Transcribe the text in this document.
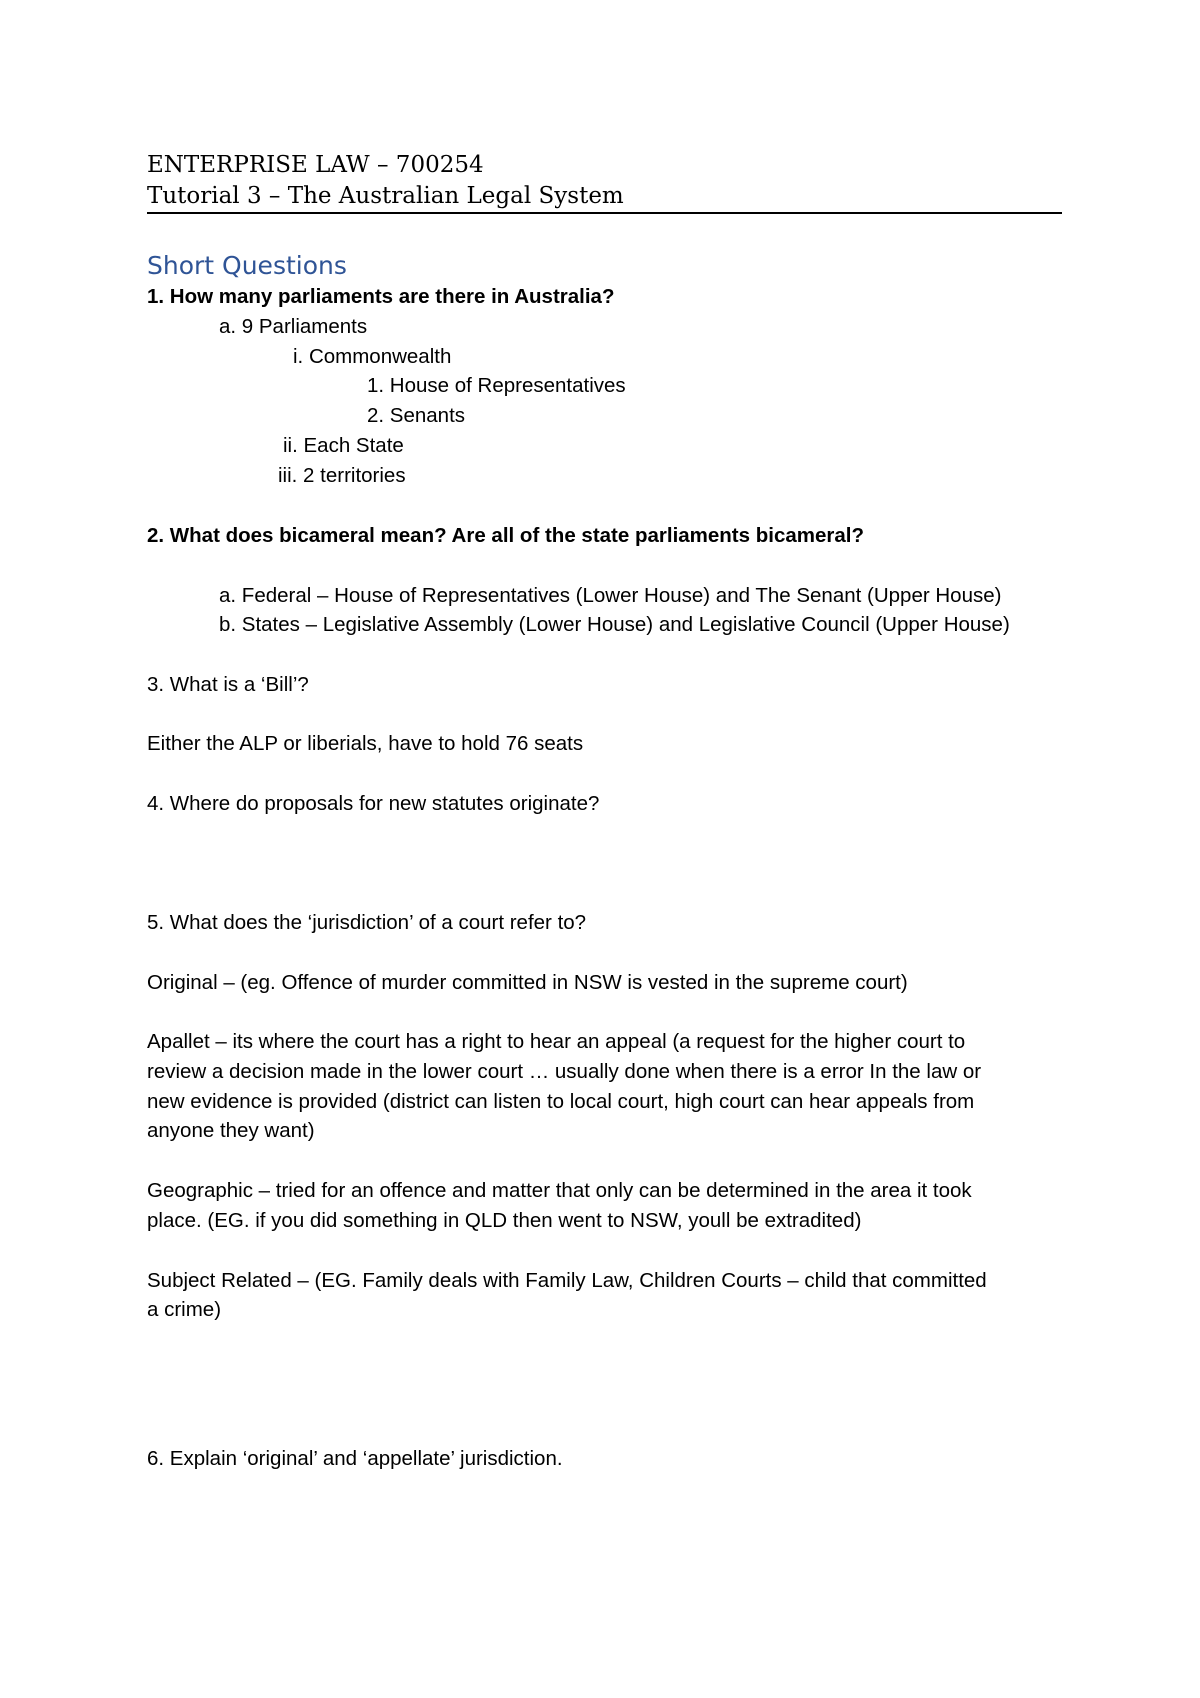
ENTERPRISE LAW – 700254
Tutorial 3 – The Australian Legal System
Short Questions
1. How many parliaments are there in Australia?
a. 9 Parliaments
i. Commonwealth
1. House of Representatives
2. Senants
ii. Each State
iii. 2 territories
2. What does bicameral mean? Are all of the state parliaments bicameral?
a. Federal – House of Representatives (Lower House) and The Senant (Upper House)
b. States – Legislative Assembly (Lower House) and Legislative Council (Upper House)
3. What is a ‘Bill’?
Either the ALP or liberials, have to hold 76 seats
4. Where do proposals for new statutes originate?
5. What does the ‘jurisdiction’ of a court refer to?
Original – (eg. Offence of murder committed in NSW is vested in the supreme court)
Apallet – its where the court has a right to hear an appeal (a request for the higher court to
review a decision made in the lower court … usually done when there is a error In the law or
new evidence is provided (district can listen to local court, high court can hear appeals from
anyone they want)
Geographic – tried for an offence and matter that only can be determined in the area it took
place. (EG. if you did something in QLD then went to NSW, youll be extradited)
Subject Related – (EG. Family deals with Family Law, Children Courts – child that committed
a crime)
6. Explain ‘original’ and ‘appellate’ jurisdiction.
